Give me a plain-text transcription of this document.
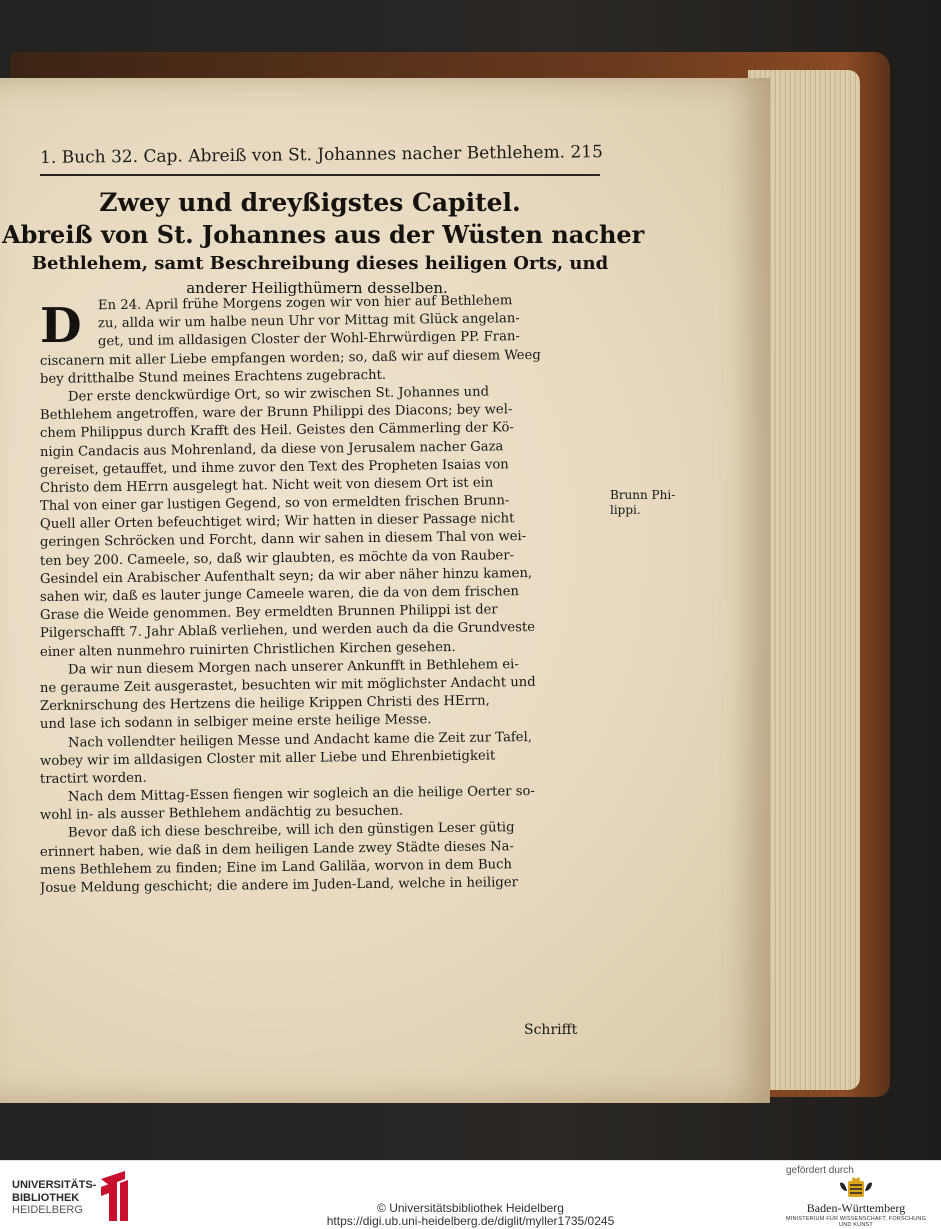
1. Buch 32. Cap. Abreiß von St. Johannes nacher Bethlehem. 215
Zwey und dreyßigstes Capitel.
Abreiß von St. Johannes aus der Wüsten nacher
Bethlehem, samt Beschreibung dieses heiligen Orts, und
anderer Heiligthümern desselben.
D	En 24. April frühe Morgens zogen wir von hier auf Bethlehem
zu, allda wir um halbe neun Uhr vor Mittag mit Glück angelan-
get, und im alldasigen Closter der Wohl-Ehrwürdigen PP. Fran-
ciscanern mit aller Liebe empfangen worden; so, daß wir auf diesem Weeg
bey dritthalbe Stund meines Erachtens zugebracht.
Der erste denckwürdige Ort, so wir zwischen St. Johannes und
Bethlehem angetroffen, ware der Brunn Philippi des Diacons; bey wel-
chem Philippus durch Krafft des Heil. Geistes den Cämmerling der Kö-
nigin Candacis aus Mohrenland, da diese von Jerusalem nacher Gaza
gereiset, getauffet, und ihme zuvor den Text des Propheten Isaias von
Christo dem HErrn ausgelegt hat. Nicht weit von diesem Ort ist ein
Thal von einer gar lustigen Gegend, so von ermeldten frischen Brunn-
Quell aller Orten befeuchtiget wird; Wir hatten in dieser Passage nicht
geringen Schröcken und Forcht, dann wir sahen in diesem Thal von wei-
ten bey 200. Cameele, so, daß wir glaubten, es möchte da von Rauber-
Gesindel ein Arabischer Aufenthalt seyn; da wir aber näher hinzu kamen,
sahen wir, daß es lauter junge Cameele waren, die da von dem frischen
Grase die Weide genommen. Bey ermeldten Brunnen Philippi ist der
Pilgerschafft 7. Jahr Ablaß verliehen, und werden auch da die Grundveste
einer alten nunmehro ruinirten Christlichen Kirchen gesehen.
Da wir nun diesem Morgen nach unserer Ankunfft in Bethlehem ei-
ne geraume Zeit ausgerastet, besuchten wir mit möglichster Andacht und
Zerknirschung des Hertzens die heilige Krippen Christi des HErrn,
und lase ich sodann in selbiger meine erste heilige Messe.
Nach vollendter heiligen Messe und Andacht kame die Zeit zur Tafel,
wobey wir im alldasigen Closter mit aller Liebe und Ehrenbietigkeit
tractirt worden.
Nach dem Mittag-Essen fiengen wir sogleich an die heilige Oerter so-
wohl in- als ausser Bethlehem andächtig zu besuchen.
Bevor daß ich diese beschreibe, will ich den günstigen Leser gütig
erinnert haben, wie daß in dem heiligen Lande zwey Städte dieses Na-
mens Bethlehem zu finden; Eine im Land Galiläa, worvon in dem Buch
Josue Meldung geschicht; die andere im Juden-Land, welche in heiliger
Brunn Phi-
lippi.
Schrifft
UNIVERSITÄTS-
BIBLIOTHEK
HEIDELBERG	© Universitätsbibliothek Heidelberg
https://digi.ub.uni-heidelberg.de/diglit/myller1735/0245
gefördert durch
Baden-Württemberg
MINISTERIUM FÜR WISSENSCHAFT, FORSCHUNG UND KUNST
